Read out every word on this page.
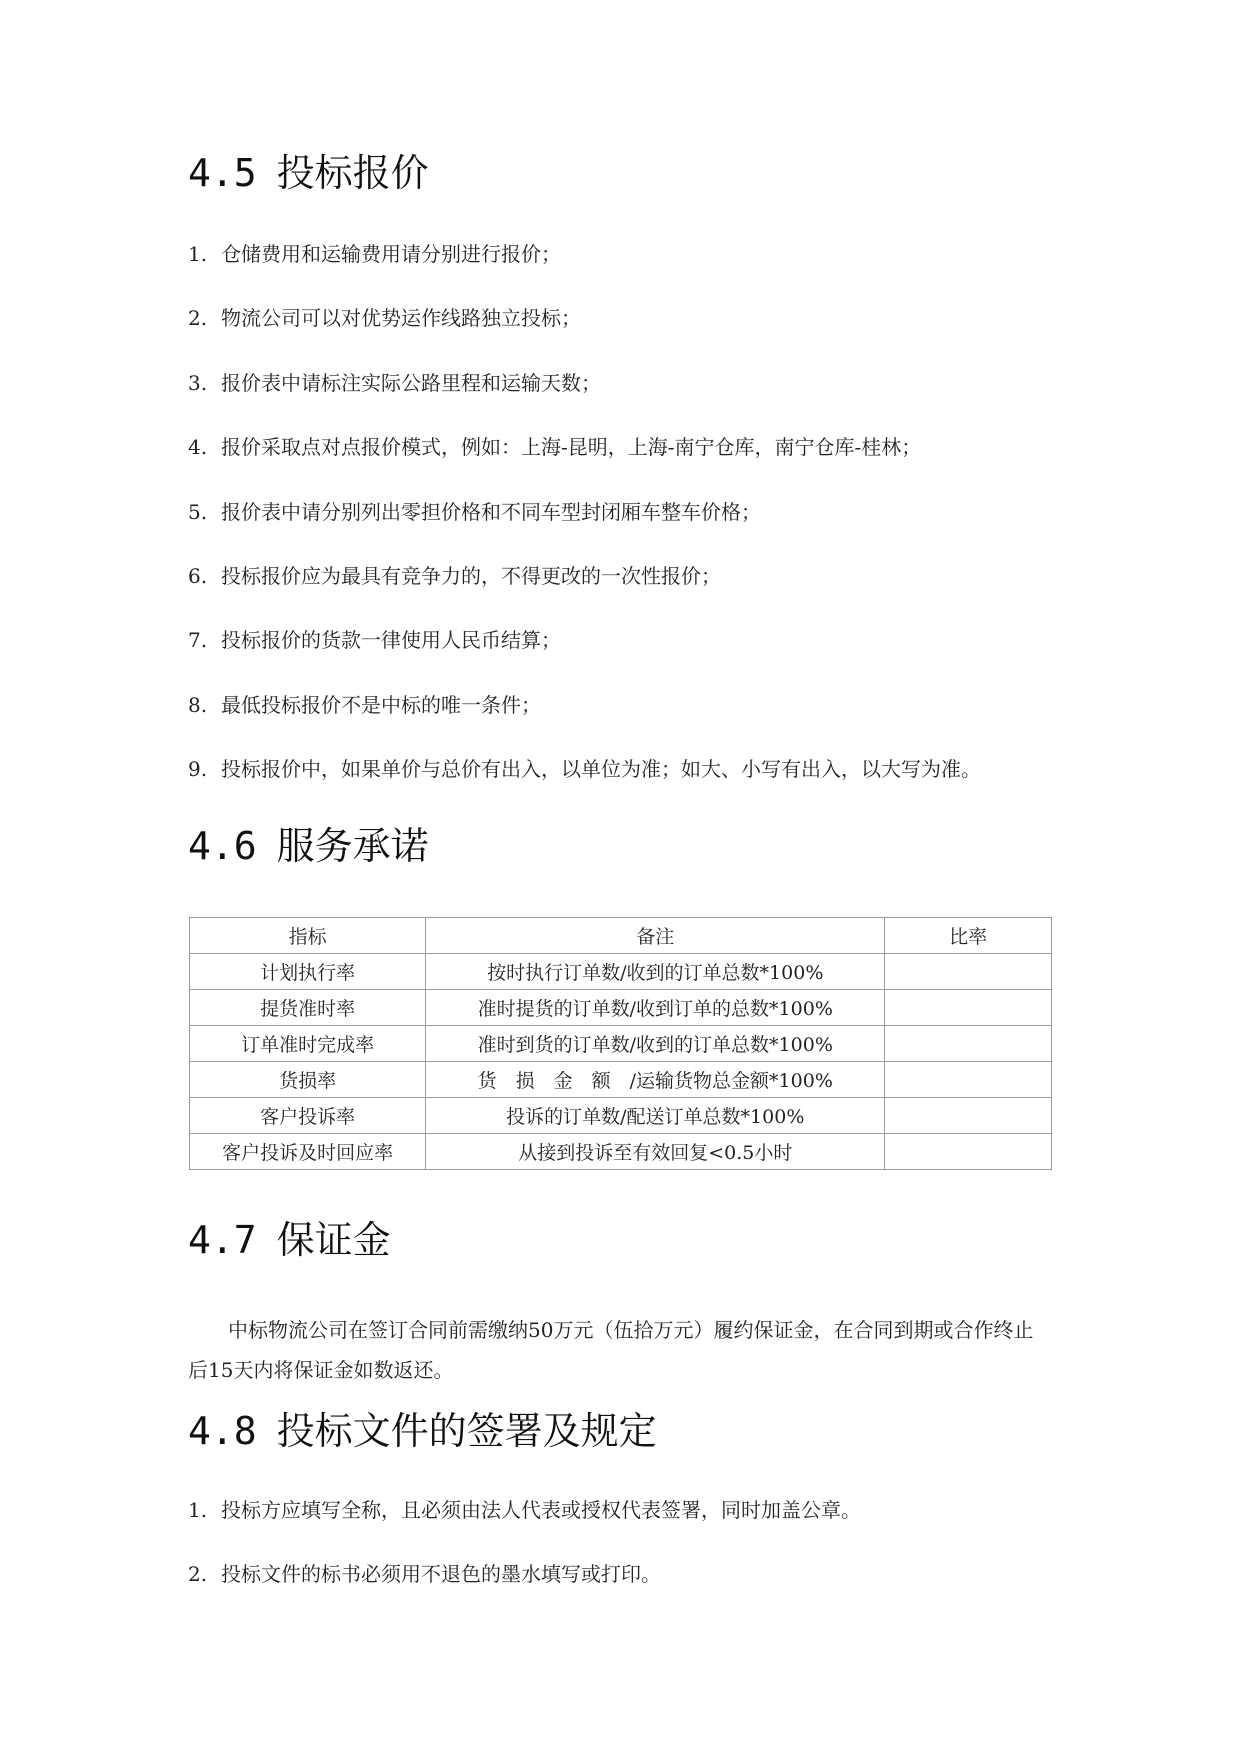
4.5 投标报价

1. 仓储费用和运输费用请分别进行报价；

2. 物流公司可以对优势运作线路独立投标；

3. 报价表中请标注实际公路里程和运输天数；

4. 报价采取点对点报价模式，例如：上海-昆明，上海-南宁仓库，南宁仓库-桂林；

5. 报价表中请分别列出零担价格和不同车型封闭厢车整车价格；

6. 投标报价应为最具有竞争力的，不得更改的一次性报价；

7. 投标报价的货款一律使用人民币结算；

8. 最低投标报价不是中标的唯一条件；

9. 投标报价中，如果单价与总价有出入，以单位为准；如大、小写有出入，以大写为准。

4.6 服务承诺
指标	备注	比率
计划执行率	按时执行订单数/收到的订单总数*100%	
提货准时率	准时提货的订单数/收到订单的总数*100%	
订单准时完成率	准时到货的订单数/收到的订单总数*100%	
货损率	货　损　金　额　/运输货物总金额*100%	
客户投诉率	投诉的订单数/配送订单总数*100%	
客户投诉及时回应率	从接到投诉至有效回复<0.5小时	
4.7 保证金

中标物流公司在签订合同前需缴纳50万元（伍拾万元）履约保证金，在合同到期或合作终止后15天内将保证金如数返还。

4.8 投标文件的签署及规定

1. 投标方应填写全称，且必须由法人代表或授权代表签署，同时加盖公章。

2. 投标文件的标书必须用不退色的墨水填写或打印。
